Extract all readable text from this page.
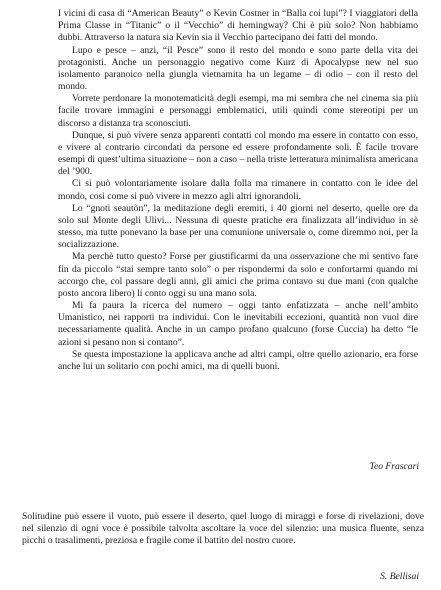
I vicini di casa di “American Beauty” o Kevin Costner in “Balla coi lupi”? I viaggiatori della Prima Classe in “Titanic” o il “Vecchio” di hemingway? Chi è più solo? Non habbiamo dubbi. Attraverso la natura sia Kevin sia il Vecchio partecipano dei fatti del mondo.

Lupo e pesce – anzi, “il Pesce” sono il resto del mondo e sono parte della vita dei protagonisti. Anche un personaggio negativo come Kurz di Apocalypse new nel suo isolamento paranoico nella giungla vietnamita ha un legame – di odio – con il resto del mondo.

Vorrete perdonare la monotematicità degli esempi, ma mi sembra che nel cinema sia più facile trovare immagini e personaggi emblematici, utili quindi come stereotipi per un discorso a distanza tra sconosciuti.

Dunque, si può vivere senza apparenti contatti col mondo ma essere in contatto con esso, e vivere al contrario circondati da persone ed essere profondamente soli. È facile trovare esempi di quest’ultima situazione – non a caso – nella triste letteratura minimalista americana del ’900.

Ci si può volontariamente isolare dalla folla ma rimanere in contatto con le idee del mondo, così come si può vivere in mezzo agli altri ignorandoli.

Lo “gnoti seautòn”, la meditazione degli eremiti, i 40 giorni nel deserto, quelle ore da solo sul Monte degli Ulivi... Nessuna di queste pratiche era finalizzata all’individuo in sè stesso, ma tutte ponevano la base per una comunione universale o, come diremmo noi, per la socializzazione.

Ma perchè tutto questo? Forse per giustificarmi da una osservazione che mi sentivo fare fin da piccolo “stai sempre tanto solo” o per rispondermi da solo e confortarmi quando mi accorgo che, col passare degli anni, gli amici che prima contavo su due mani (con qualche posto ancora libero) li conto oggi su una mano sola.

Mi fa paura la ricerca del numero – oggi tanto enfatizzata – anche nell’ambito Umanistico, nei rapporti tra individui. Con le inevitabili eccezioni, quantità non vuol dire necessariamente qualità. Anche in un campo profano qualcuno (forse Cuccia) ha detto “le azioni si pesano non si contano”.

Se questa impostazione la applicava anche ad altri campi, oltre quello azionario, era forse anche lui un solitario con pochi amici, ma di quelli buoni.

Teo Frascari

Solitudine può essere il vuoto, può essere il deserto, quel luogo di miraggi e forse di rivelazioni, dove nel silenzio di ogni voce è possibile talvolta ascoltare la voce del silenzio: una musica fluente, senza picchi o trasalimenti, preziosa e fragile come il battito del nostro cuore.

S. Bellisai
